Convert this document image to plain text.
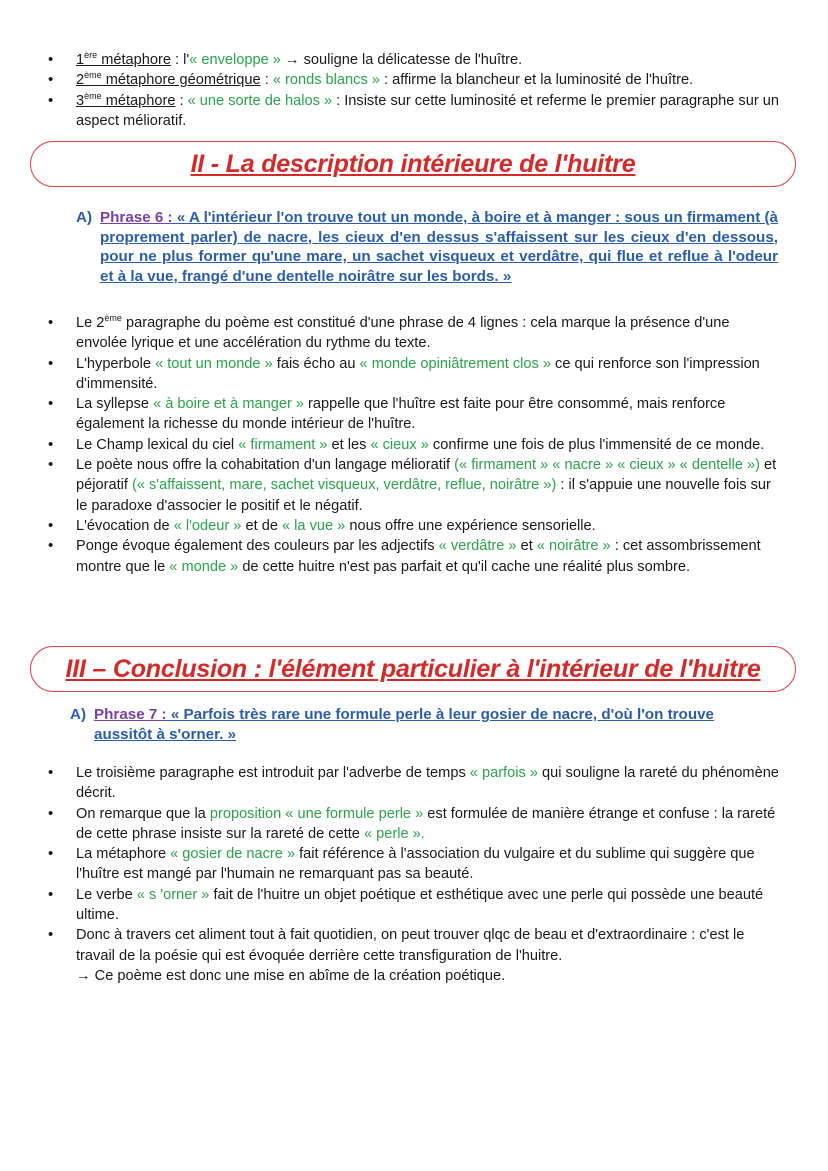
• 1ère métaphore : l'« enveloppe » → souligne la délicatesse de l'huître.
• 2ème métaphore géométrique : « ronds blancs » : affirme la blancheur et la luminosité de l'huître.
• 3ème métaphore : « une sorte de halos » : Insiste sur cette luminosité et referme le premier paragraphe sur un aspect mélioratif.
II - La description intérieure de l'huitre
A) Phrase 6 : « A l'intérieur l'on trouve tout un monde, à boire et à manger : sous un firmament (à proprement parler) de nacre, les cieux d'en dessus s'affaissent sur les cieux d'en dessous, pour ne plus former qu'une mare, un sachet visqueux et verdâtre, qui flue et reflue à l'odeur et à la vue, frangé d'une dentelle noirâtre sur les bords. »
• Le 2ème paragraphe du poème est constitué d'une phrase de 4 lignes : cela marque la présence d'une envolée lyrique et une accélération du rythme du texte.
• L'hyperbole « tout un monde » fais écho au « monde opiniâtrement clos » ce qui renforce son l'impression d'immensité.
• La syllepse « à boire et à manger » rappelle que l'huître est faite pour être consommé, mais renforce également la richesse du monde intérieur de l'huître.
• Le Champ lexical du ciel « firmament » et les « cieux » confirme une fois de plus l'immensité de ce monde.
• Le poète nous offre la cohabitation d'un langage mélioratif (« firmament » « nacre » « cieux » « dentelle ») et péjoratif (« s'affaissent, mare, sachet visqueux, verdâtre, reflue, noirâtre ») : il s'appuie une nouvelle fois sur le paradoxe d'associer le positif et le négatif.
• L'évocation de « l'odeur » et de « la vue » nous offre une expérience sensorielle.
• Ponge évoque également des couleurs par les adjectifs « verdâtre » et « noirâtre » : cet assombrissement montre que le « monde » de cette huitre n'est pas parfait et qu'il cache une réalité plus sombre.
III – Conclusion : l'élément particulier à l'intérieur de l'huitre
A) Phrase 7 : « Parfois très rare une formule perle à leur gosier de nacre, d'où l'on trouve aussitôt à s'orner. »
• Le troisième paragraphe est introduit par l'adverbe de temps « parfois » qui souligne la rareté du phénomène décrit.
• On remarque que la proposition « une formule perle » est formulée de manière étrange et confuse : la rareté de cette phrase insiste sur la rareté de cette « perle ».
• La métaphore « gosier de nacre » fait référence à l'association du vulgaire et du sublime qui suggère que l'huître est mangé par l'humain ne remarquant pas sa beauté.
• Le verbe « s 'orner » fait de l'huitre un objet poétique et esthétique avec une perle qui possède une beauté ultime.
• Donc à travers cet aliment tout à fait quotidien, on peut trouver qlqc de beau et d'extraordinaire : c'est le travail de la poésie qui est évoquée derrière cette transfiguration de l'huitre.
→ Ce poème est donc une mise en abîme de la création poétique.
